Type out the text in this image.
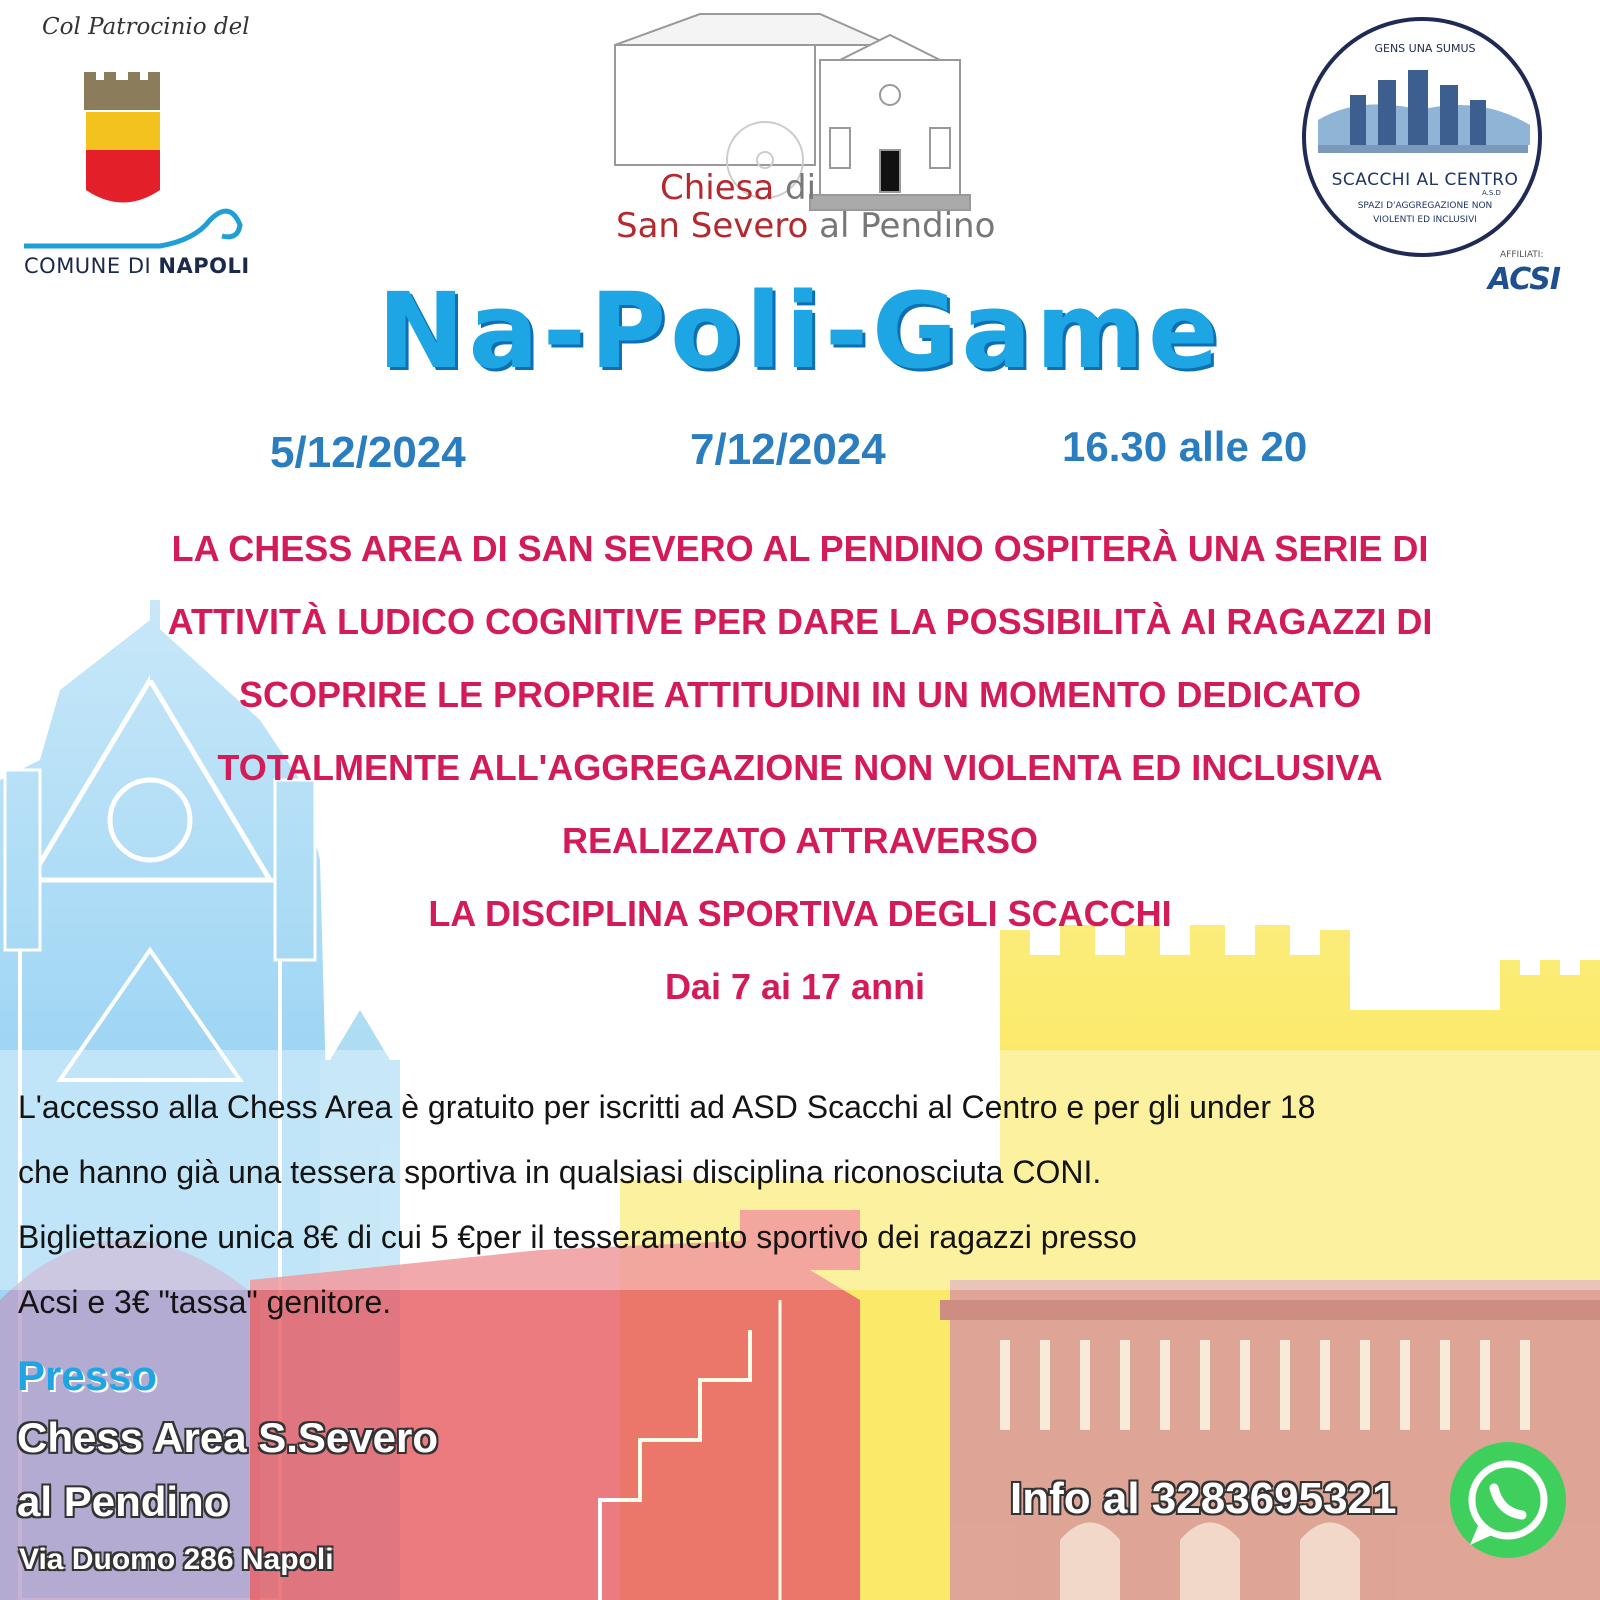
Col Patrocinio del
COMUNE DI NAPOLI
Chiesa di
San Severo al Pendino
GENS UNA SUMUS
SCACCHI AL CENTRO
A.S.D
SPAZI D'AGGREGAZIONE NON
VIOLENTI ED INCLUSIVI
AFFILIATI:
ACSI
Na-Poli-Game
5/12/2024	7/12/2024	16.30 alle 20
LA CHESS AREA DI SAN SEVERO AL PENDINO OSPITERÀ UNA SERIE DI
ATTIVITÀ LUDICO COGNITIVE PER DARE LA POSSIBILITÀ AI RAGAZZI DI
SCOPRIRE LE PROPRIE ATTITUDINI IN UN MOMENTO DEDICATO
TOTALMENTE ALL'AGGREGAZIONE NON VIOLENTA ED INCLUSIVA
REALIZZATO ATTRAVERSO
LA DISCIPLINA SPORTIVA DEGLI SCACCHI
Dai 7 ai 17 anni
L'accesso alla Chess Area è gratuito per iscritti ad ASD Scacchi al Centro e per gli under 18
che hanno già una tessera sportiva in qualsiasi disciplina riconosciuta CONI.
Bigliettazione unica 8€ di cui 5 €per il tesseramento sportivo dei ragazzi presso
Acsi e 3€ "tassa" genitore.
Presso
Chess Area S.Severo
al Pendino
Via Duomo 286 Napoli
Info al 3283695321
